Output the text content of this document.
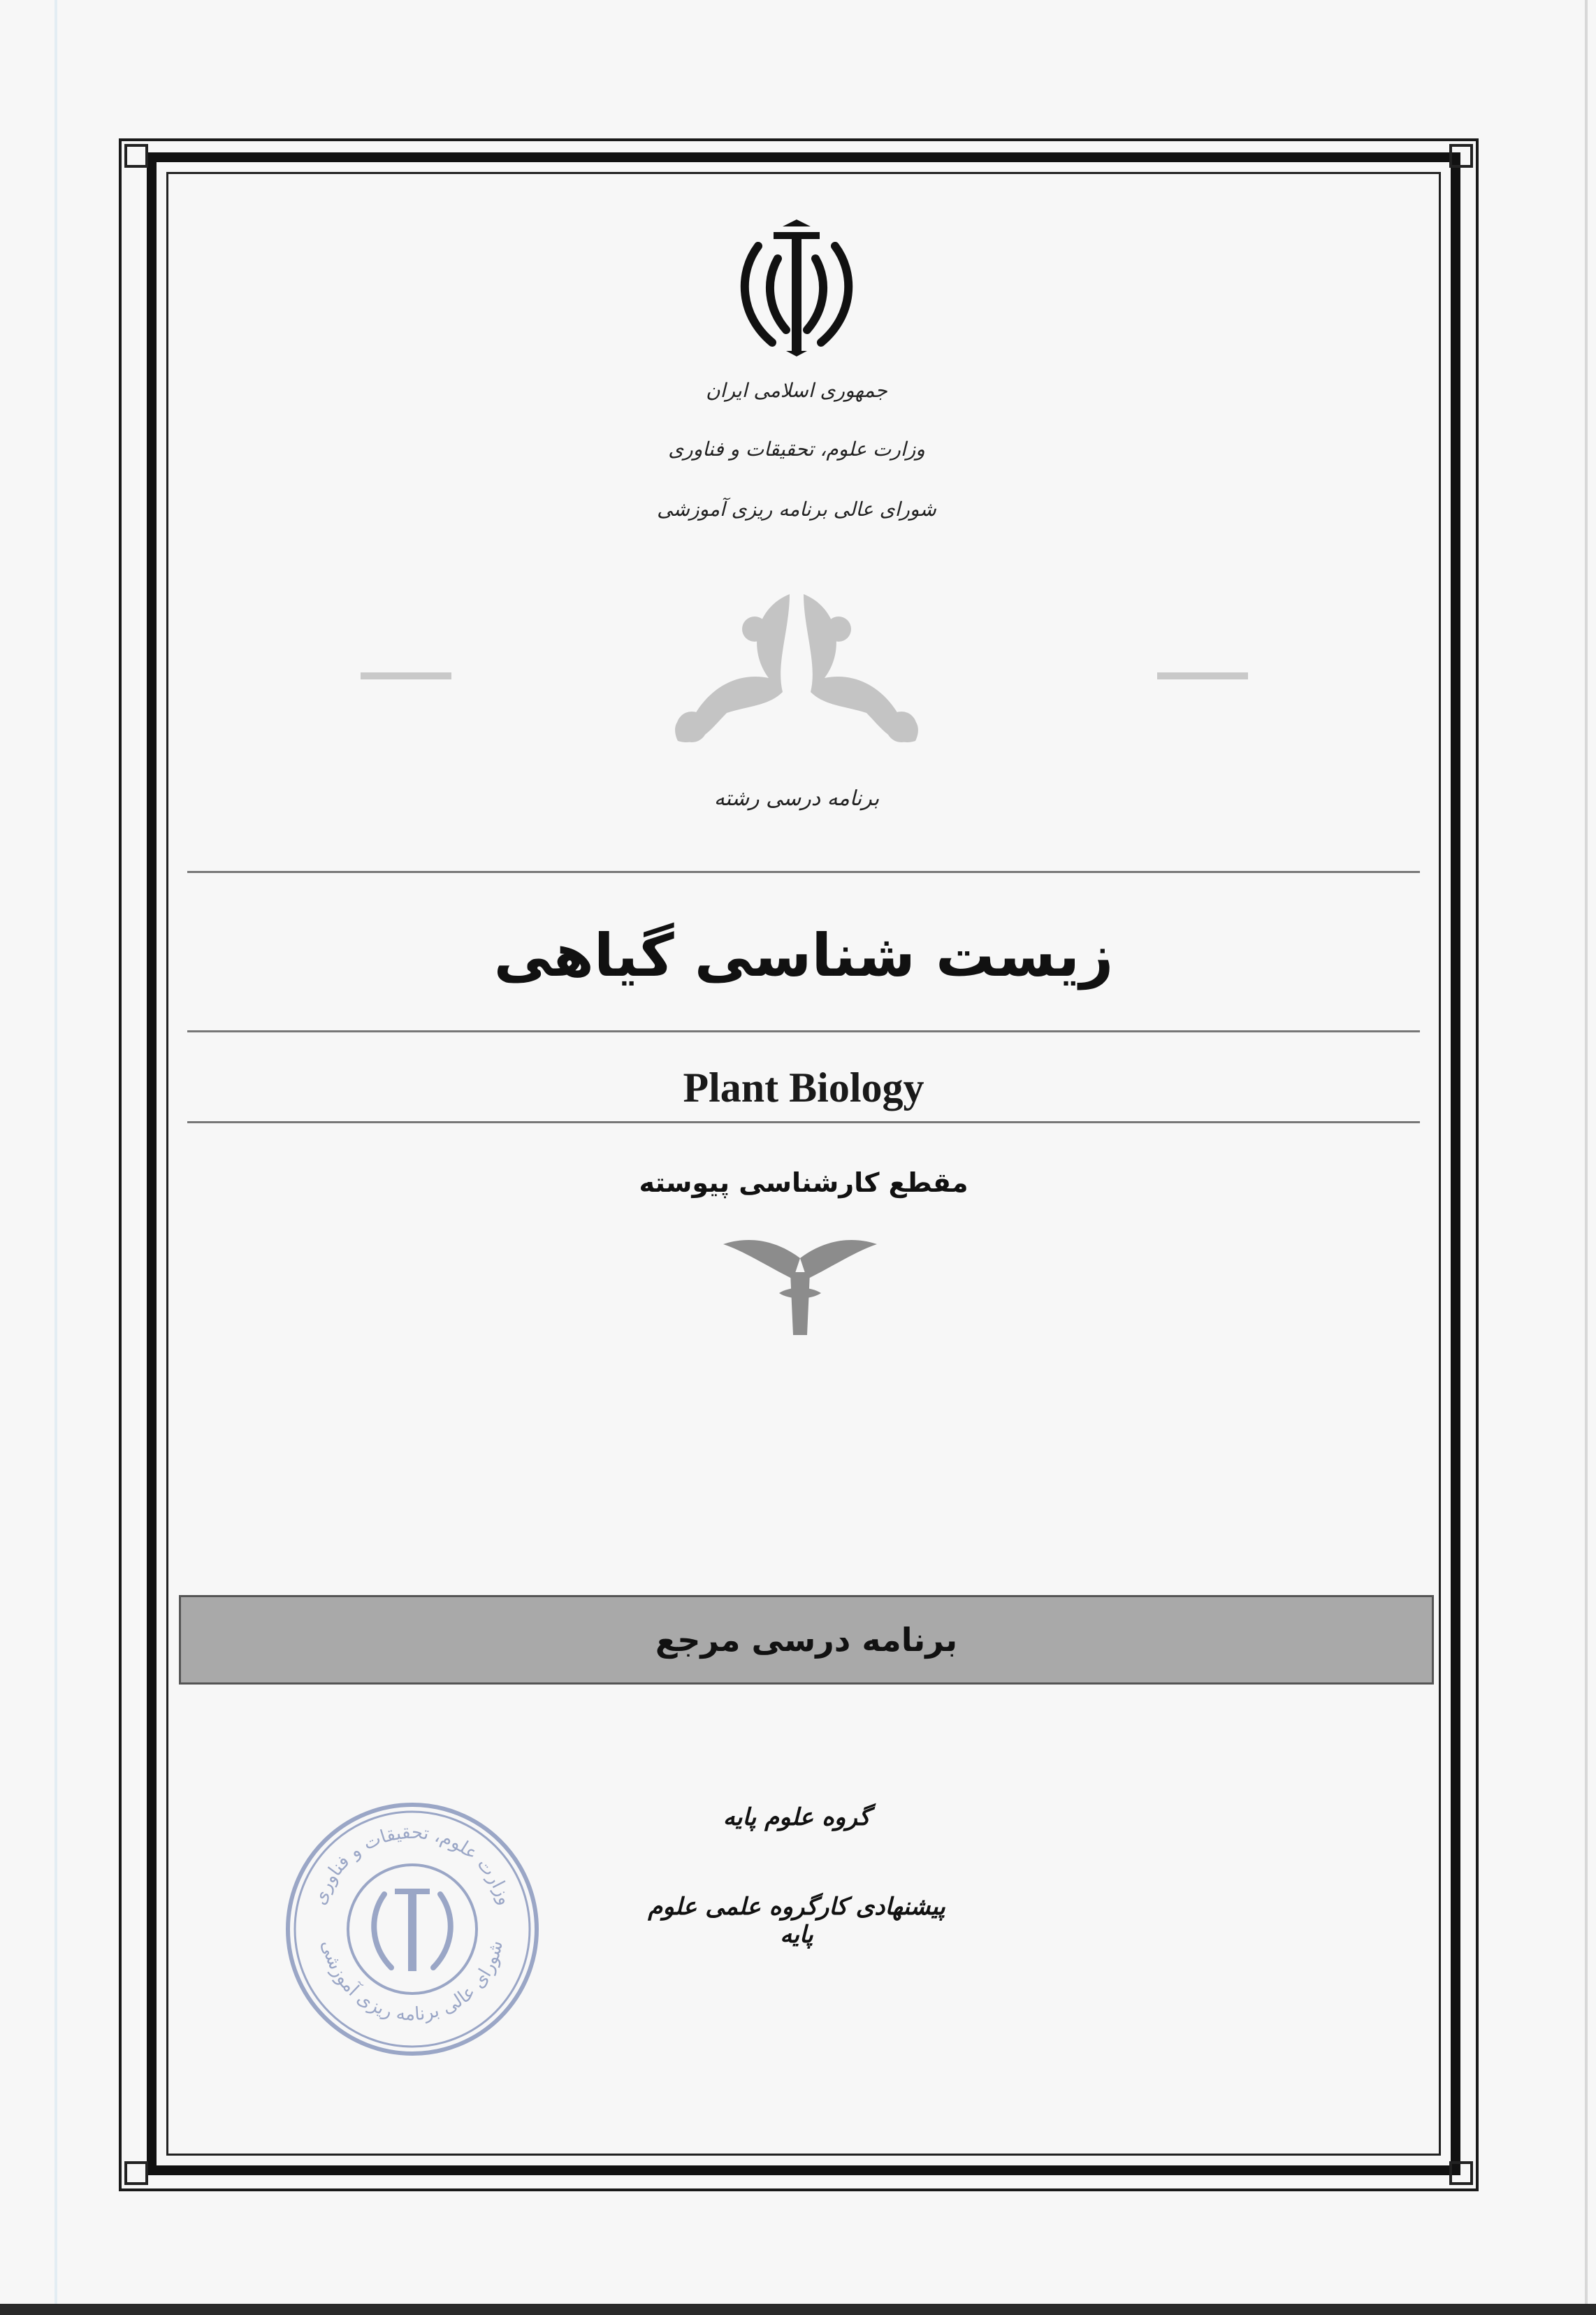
جمهوری اسلامی ایران
وزارت علوم، تحقیقات و فناوری
شورای عالی برنامه ریزی آموزشی
برنامه درسی رشته
زیست شناسی گیاهی
Plant Biology
مقطع کارشناسی پیوسته
برنامه درسی مرجع
گروه علوم پایه
پیشنهادی کارگروه علمی علوم پایه
وزارت علوم، تحقیقات و فناوری
شورای عالی برنامه ریزی آموزشی
